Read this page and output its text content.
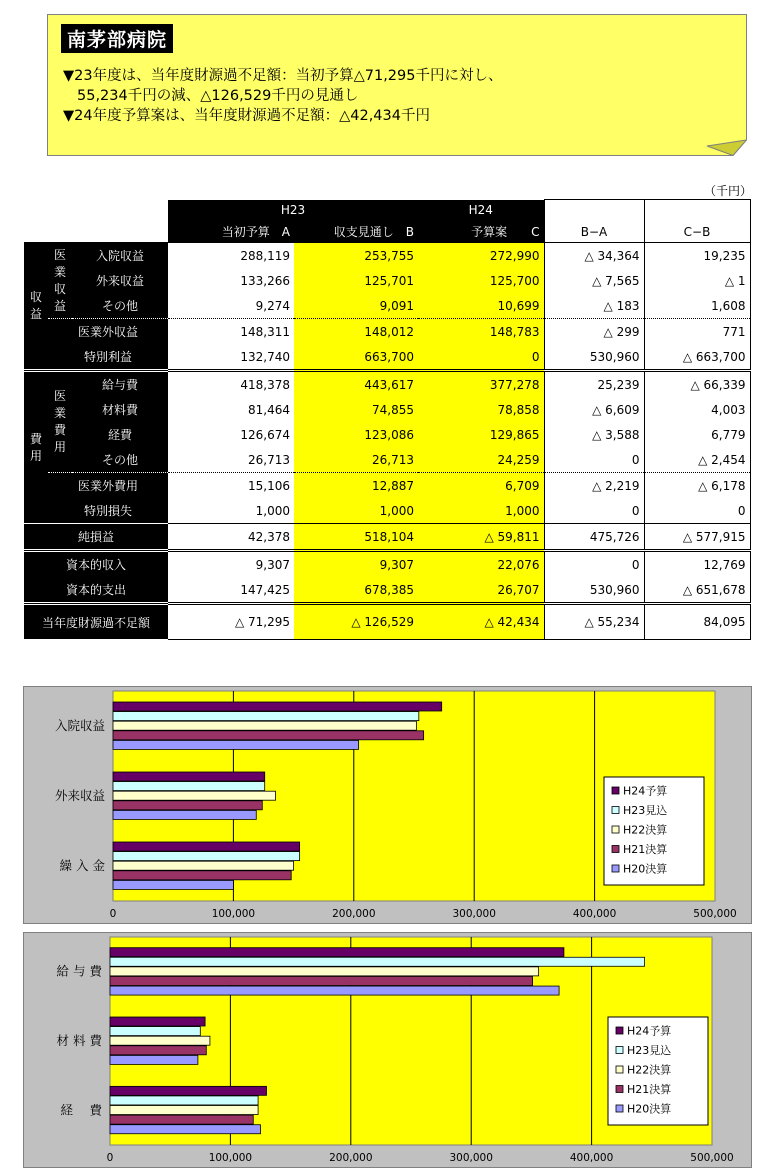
南茅部病院
▼23年度は、当年度財源過不足額：当初予算△71,295千円に対し、
55,234千円の減、△126,529千円の見通し
▼24年度予算案は、当年度財源過不足額：△42,434千円
（千円）
			H23		H24		
			当初予算　A	収支見通し　B	予算案　　C	B−A	C−B
収益	医業収益	入院収益	288,119	253,755	272,990	△ 34,364	19,235
		外来収益	133,266	125,701	125,700	△ 7,565	△ 1
		その他	9,274	9,091	10,699	△ 183	1,608
	医業外収益		148,311	148,012	148,783	△ 299	771
	特別利益		132,740	663,700	0	530,960	△ 663,700
費用	医業費用	給与費	418,378	443,617	377,278	25,239	△ 66,339
		材料費	81,464	74,855	78,858	△ 6,609	4,003
		経費	126,674	123,086	129,865	△ 3,588	6,779
		その他	26,713	26,713	24,259	0	△ 2,454
	医業外費用		15,106	12,887	6,709	△ 2,219	△ 6,178
	特別損失		1,000	1,000	1,000	0	0
純損益			42,378	518,104	△ 59,811	475,726	△ 577,915
資本的収入			9,307	9,307	22,076	0	12,769
資本的支出			147,425	678,385	26,707	530,960	△ 651,678
当年度財源過不足額			△ 71,295	△ 126,529	△ 42,434	△ 55,234	84,095
0	100,000	200,000	300,000	400,000	500,000
入院収益
外来収益
繰 入 金
H24予算
H23見込
H22決算
H21決算
H20決算
0	100,000	200,000	300,000	400,000	500,000
給 与 費
材 料 費
経　 費
H24予算
H23見込
H22決算
H21決算
H20決算
